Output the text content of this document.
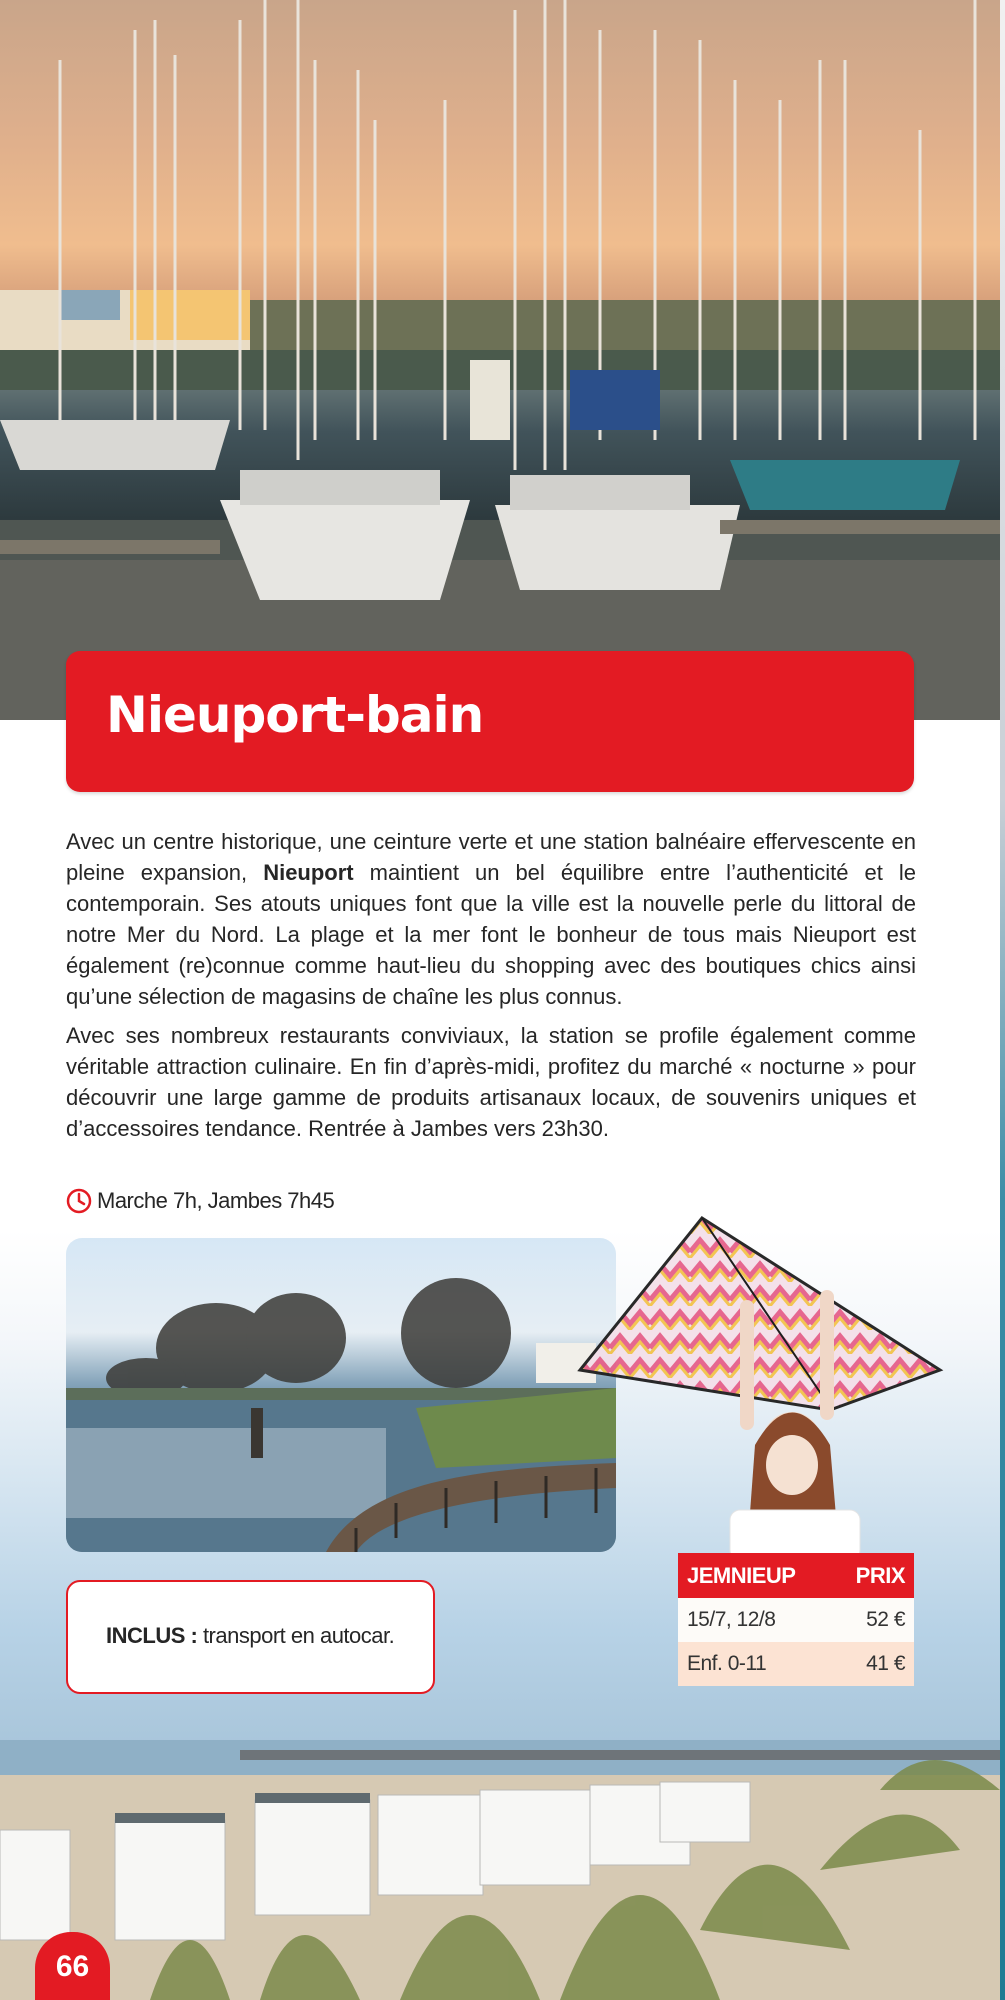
Nieuport-bain

Avec un centre historique, une ceinture verte et une station balnéaire effervescente en pleine expansion, Nieuport maintient un bel équilibre entre l’authenticité et le contemporain. Ses atouts uniques font que la ville est la nouvelle perle du littoral de notre Mer du Nord. La plage et la mer font le bonheur de tous mais Nieuport est également (re)connue comme haut-lieu du shopping avec des boutiques chics ainsi qu’une sélection de magasins de chaîne les plus connus.

Avec ses nombreux restaurants conviviaux, la station se profile également comme véritable attraction culinaire. En fin d’après-midi, profitez du marché « nocturne » pour découvrir une large gamme de produits artisanaux locaux, de souvenirs uniques et d’accessoires tendance. Rentrée à Jambes vers 23h30.

Marche 7h, Jambes 7h45
INCLUS : transport en autocar.
JEMNIEUP	PRIX
15/7, 12/8	52 €
Enf. 0-11	41 €
66
